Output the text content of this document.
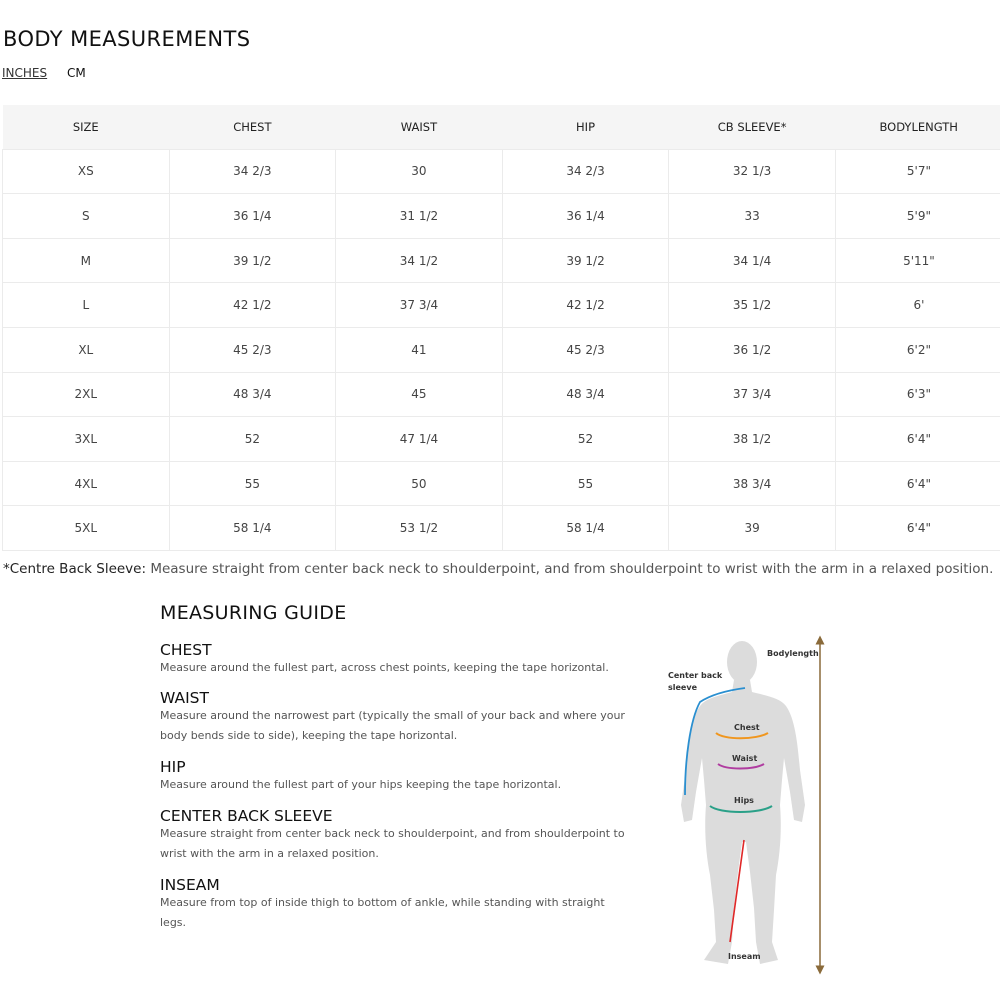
BODY MEASUREMENTS
INCHES CM
SIZE	CHEST	WAIST	HIP	CB SLEEVE*	BODYLENGTH
XS	34 2/3	30	34 2/3	32 1/3	5'7"
S	36 1/4	31 1/2	36 1/4	33	5'9"
M	39 1/2	34 1/2	39 1/2	34 1/4	5'11"
L	42 1/2	37 3/4	42 1/2	35 1/2	6'
XL	45 2/3	41	45 2/3	36 1/2	6'2"
2XL	48 3/4	45	48 3/4	37 3/4	6'3"
3XL	52	47 1/4	52	38 1/2	6'4"
4XL	55	50	55	38 3/4	6'4"
5XL	58 1/4	53 1/2	58 1/4	39	6'4"
*Centre Back Sleeve: Measure straight from center back neck to shoulderpoint, and from shoulderpoint to wrist with the arm in a relaxed position.
MEASURING GUIDE
CHEST

Measure around the fullest part, across chest points, keeping the tape horizontal.

WAIST

Measure around the narrowest part (typically the small of your back and where your body bends side to side), keeping the tape horizontal.

HIP

Measure around the fullest part of your hips keeping the tape horizontal.

CENTER BACK SLEEVE

Measure straight from center back neck to shoulderpoint, and from shoulderpoint to wrist with the arm in a relaxed position.

INSEAM

Measure from top of inside thigh to bottom of ankle, while standing with straight legs.

Bodylength
Center back
sleeve
Chest
Waist
Hips
Inseam
